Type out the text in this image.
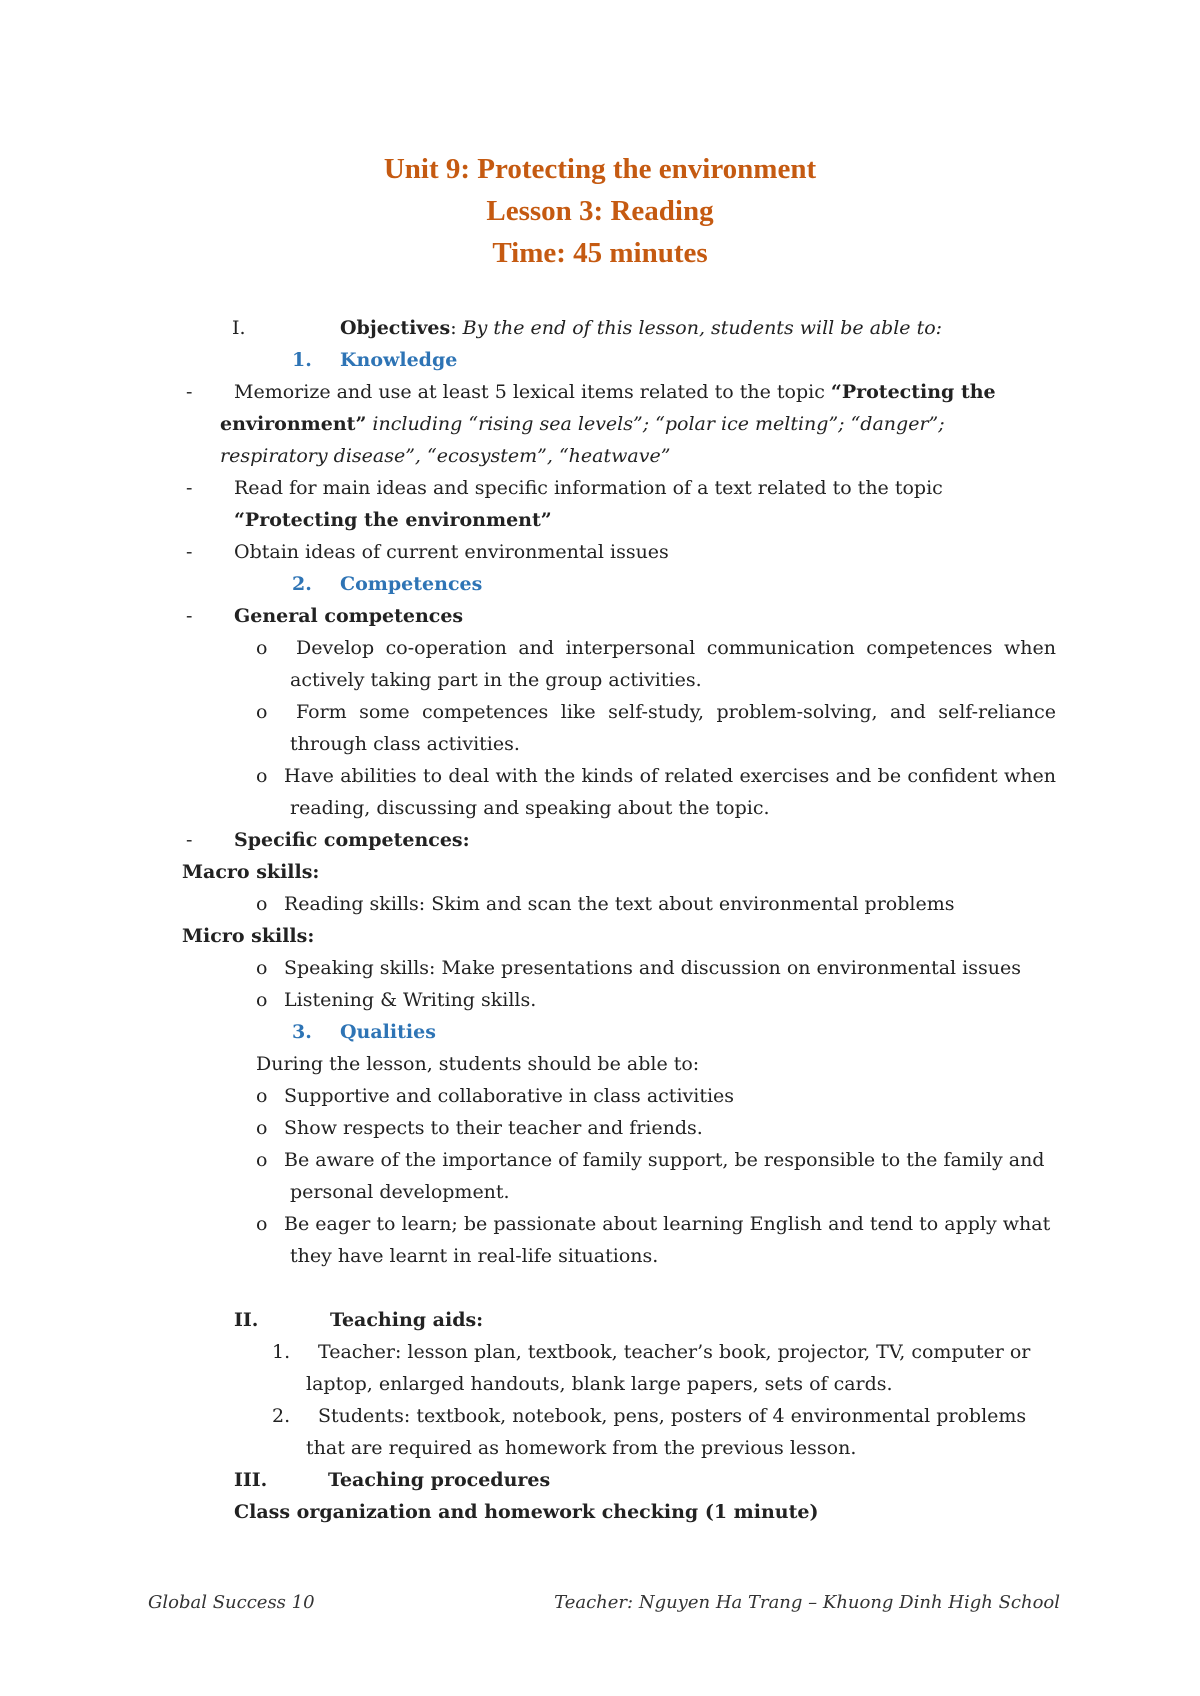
Unit 9: Protecting the environment
Lesson 3: Reading
Time: 45 minutes
I.	Objectives: By the end of this lesson, students will be able to:
1. Knowledge
- Memorize and use at least 5 lexical items related to the topic “Protecting the
environment” including “rising sea levels”; “polar ice melting”; “danger”;
respiratory disease”, “ecosystem”, “heatwave”
- Read for main ideas and specific information of a text related to the topic
“Protecting the environment”
- Obtain ideas of current environmental issues
2. Competences
- General competences
o Develop co-operation and interpersonal communication competences when
actively taking part in the group activities.
o Form some competences like self-study, problem-solving, and self-reliance
through class activities.
o Have abilities to deal with the kinds of related exercises and be confident when
reading, discussing and speaking about the topic.
- Specific competences:
Macro skills:
o Reading skills: Skim and scan the text about environmental problems
Micro skills:
o Speaking skills: Make presentations and discussion on environmental issues
o Listening & Writing skills.
3. Qualities
During the lesson, students should be able to:
o Supportive and collaborative in class activities
o Show respects to their teacher and friends.
o Be aware of the importance of family support, be responsible to the family and
personal development.
o Be eager to learn; be passionate about learning English and tend to apply what
they have learnt in real-life situations.
II.	Teaching aids:
1. Teacher: lesson plan, textbook, teacher’s book, projector, TV, computer or
laptop, enlarged handouts, blank large papers, sets of cards.
2. Students: textbook, notebook, pens, posters of 4 environmental problems
that are required as homework from the previous lesson.
III.	Teaching procedures
Class organization and homework checking (1 minute)
Global Success 10	Teacher: Nguyen Ha Trang – Khuong Dinh High School
